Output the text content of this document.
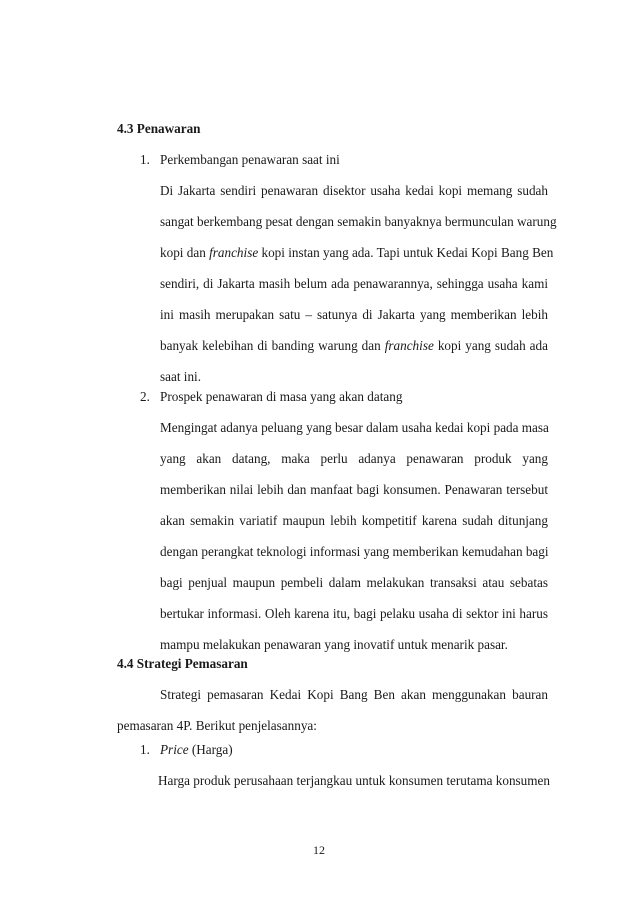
4.3 Penawaran
1. Perkembangan penawaran saat ini
Di Jakarta sendiri penawaran disektor usaha kedai kopi memang sudah
sangat berkembang pesat dengan semakin banyaknya bermunculan warung
kopi dan franchise kopi instan yang ada. Tapi untuk Kedai Kopi Bang Ben
sendiri, di Jakarta masih belum ada penawarannya, sehingga usaha kami
ini masih merupakan satu – satunya di Jakarta yang memberikan lebih
banyak kelebihan di banding warung dan franchise kopi yang sudah ada
saat ini.
2. Prospek penawaran di masa yang akan datang
Mengingat adanya peluang yang besar dalam usaha kedai kopi pada masa
yang akan datang, maka perlu adanya penawaran produk yang
memberikan nilai lebih dan manfaat bagi konsumen. Penawaran tersebut
akan semakin variatif maupun lebih kompetitif karena sudah ditunjang
dengan perangkat teknologi informasi yang memberikan kemudahan bagi
bagi penjual maupun pembeli dalam melakukan transaksi atau sebatas
bertukar informasi. Oleh karena itu, bagi pelaku usaha di sektor ini harus
mampu melakukan penawaran yang inovatif untuk menarik pasar.
4.4 Strategi Pemasaran
Strategi pemasaran Kedai Kopi Bang Ben akan menggunakan bauran
pemasaran 4P. Berikut penjelasannya:
1. Price (Harga)
Harga produk perusahaan terjangkau untuk konsumen terutama konsumen
12
